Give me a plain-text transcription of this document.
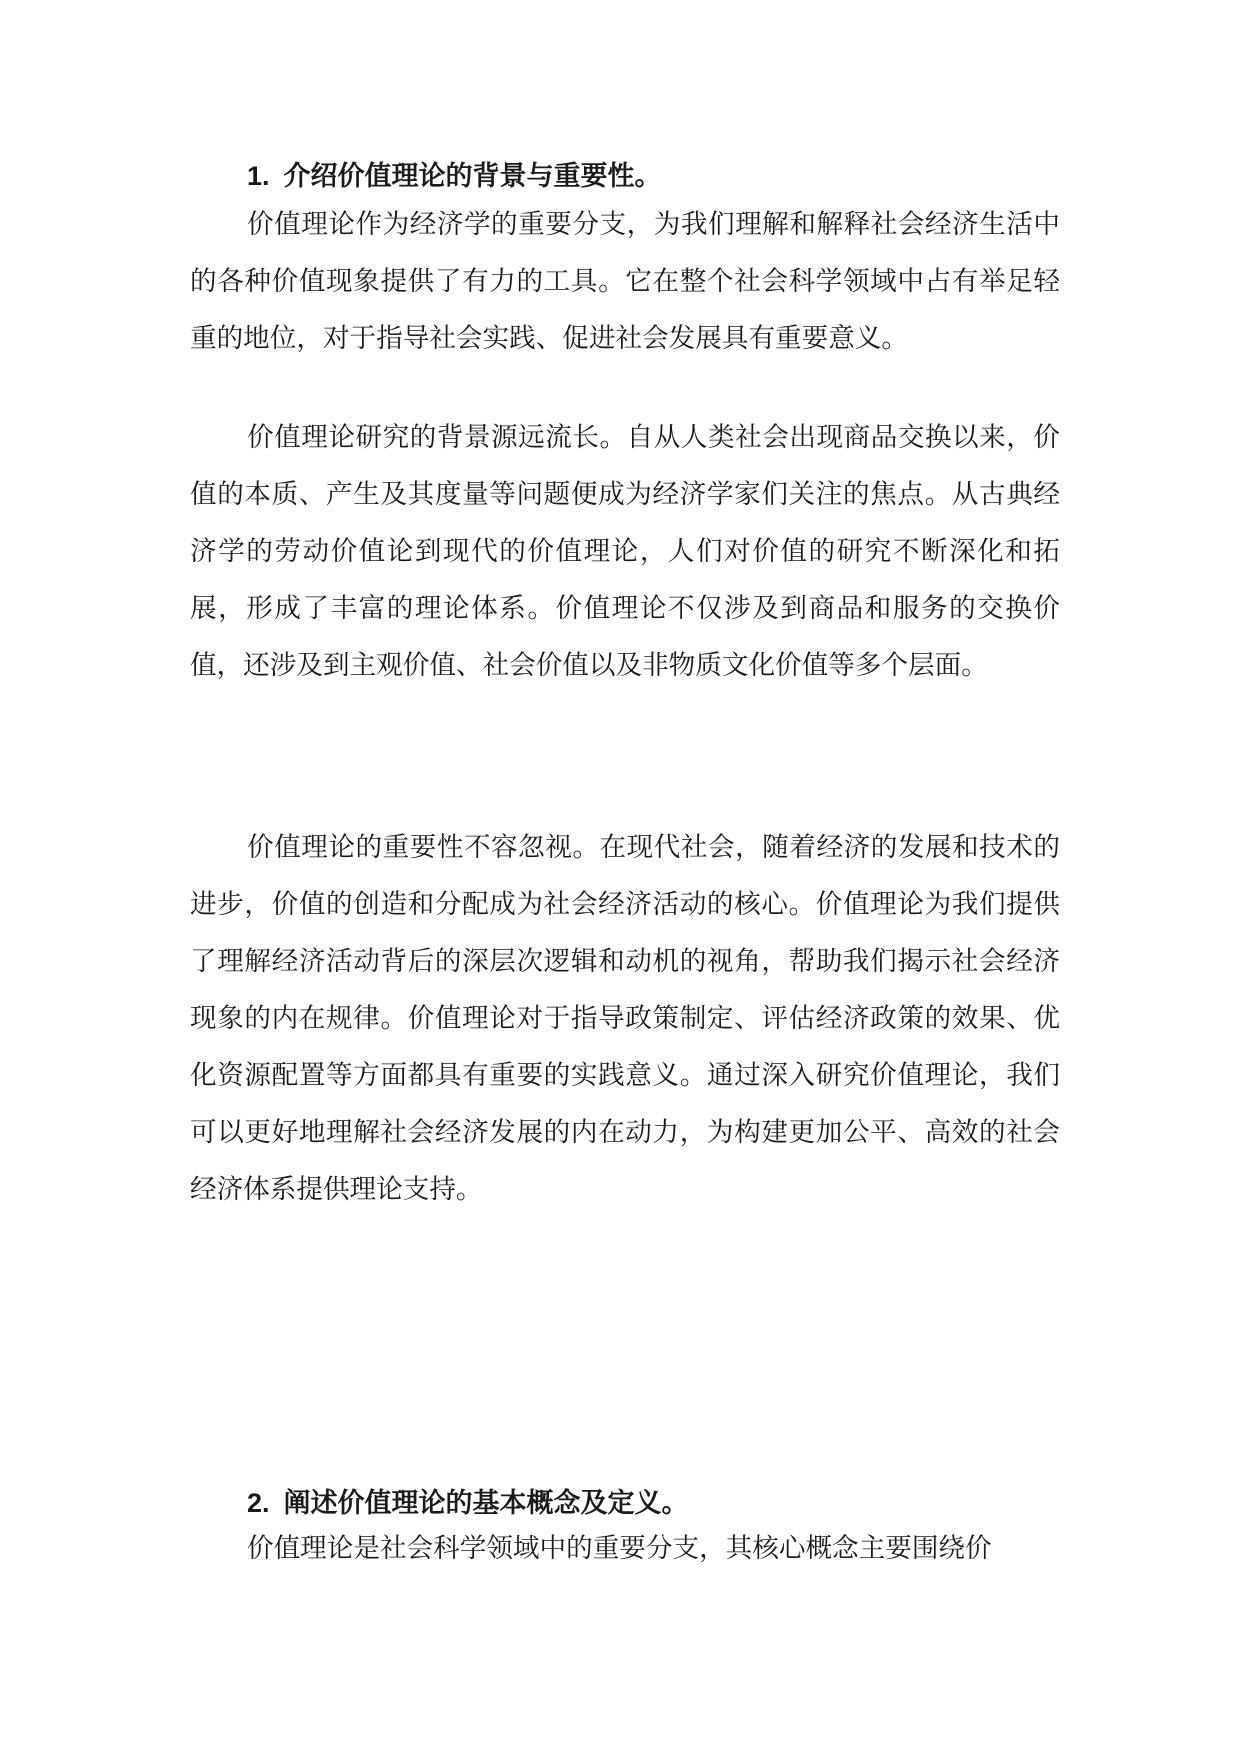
1. 介绍价值理论的背景与重要性。

价值理论作为经济学的重要分支，为我们理解和解释社会经济生活中的各种价值现象提供了有力的工具。它在整个社会科学领域中占有举足轻重的地位，对于指导社会实践、促进社会发展具有重要意义。

价值理论研究的背景源远流长。自从人类社会出现商品交换以来，价值的本质、产生及其度量等问题便成为经济学家们关注的焦点。从古典经济学的劳动价值论到现代的价值理论，人们对价值的研究不断深化和拓展，形成了丰富的理论体系。价值理论不仅涉及到商品和服务的交换价值，还涉及到主观价值、社会价值以及非物质文化价值等多个层面。

价值理论的重要性不容忽视。在现代社会，随着经济的发展和技术的进步，价值的创造和分配成为社会经济活动的核心。价值理论为我们提供了理解经济活动背后的深层次逻辑和动机的视角，帮助我们揭示社会经济现象的内在规律。价值理论对于指导政策制定、评估经济政策的效果、优化资源配置等方面都具有重要的实践意义。通过深入研究价值理论，我们可以更好地理解社会经济发展的内在动力，为构建更加公平、高效的社会经济体系提供理论支持。

2. 阐述价值理论的基本概念及定义。

价值理论是社会科学领域中的重要分支，其核心概念主要围绕价
